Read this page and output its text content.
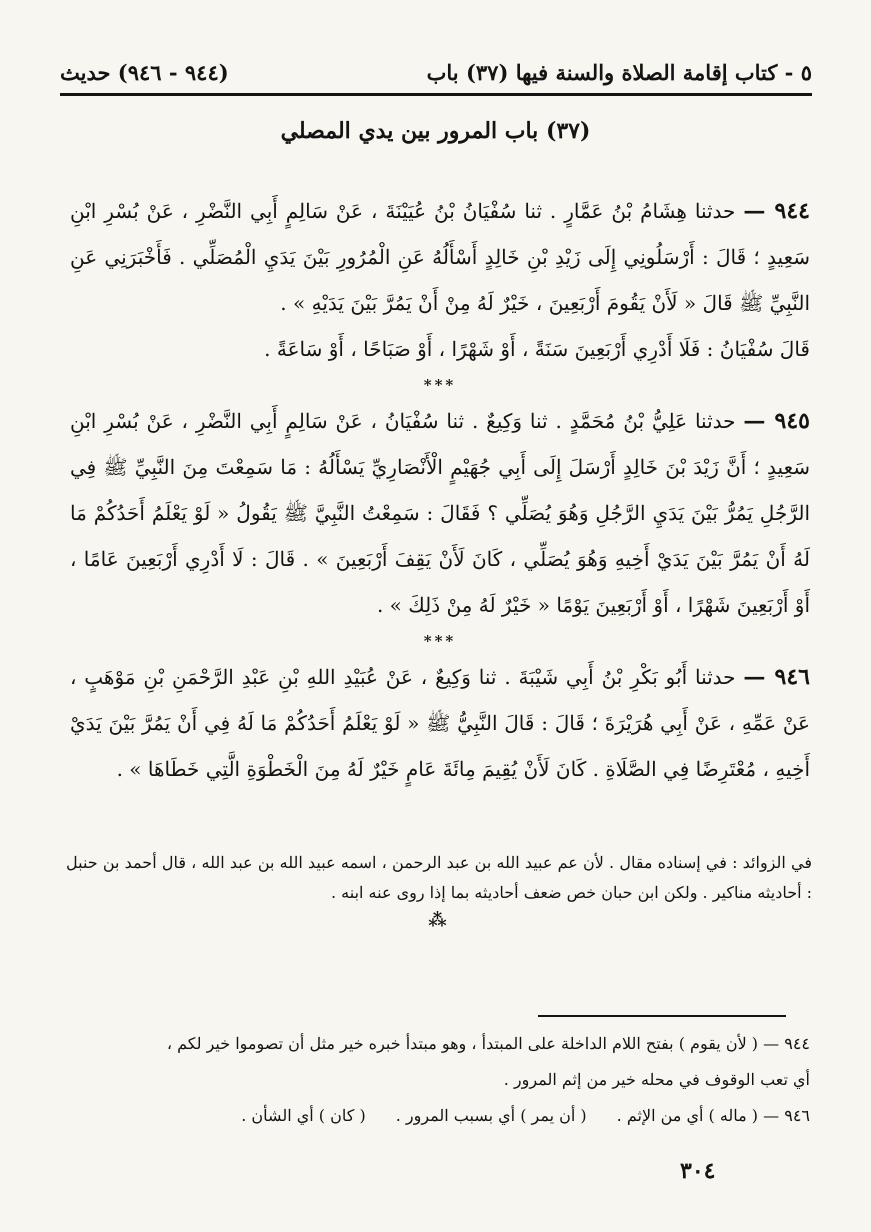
٥ - كتاب إقامة الصلاة والسنة فيها (٣٧) باب
(٩٤٤ - ٩٤٦) حديث
(٣٧) باب المرور بين يدي المصلي

٩٤٤ — حدثنا هِشَامُ بْنُ عَمَّارٍ . ثنا سُفْيَانُ بْنُ عُيَيْنَةَ ، عَنْ سَالِمٍ أَبِي النَّضْرِ ، عَنْ بُسْرِ ابْنِ سَعِيدٍ ؛ قَالَ : أَرْسَلُونِي إِلَى زَيْدِ بْنِ خَالِدٍ أَسْأَلُهُ عَنِ الْمُرُورِ بَيْنَ يَدَيِ الْمُصَلِّي . فَأَخْبَرَنِي عَنِ النَّبِيِّ ﷺ قَالَ « لَأَنْ يَقُومَ أَرْبَعِينَ ، خَيْرٌ لَهُ مِنْ أَنْ يَمُرَّ بَيْنَ يَدَيْهِ » .

قَالَ سُفْيَانُ : فَلَا أَدْرِي أَرْبَعِينَ سَنَةً ، أَوْ شَهْرًا ، أَوْ صَبَاحًا ، أَوْ سَاعَةً .

***

٩٤٥ — حدثنا عَلِيُّ بْنُ مُحَمَّدٍ . ثنا وَكِيعٌ . ثنا سُفْيَانُ ، عَنْ سَالِمٍ أَبِي النَّضْرِ ، عَنْ بُسْرِ ابْنِ سَعِيدٍ ؛ أَنَّ زَيْدَ بْنَ خَالِدٍ أَرْسَلَ إِلَى أَبِي جُهَيْمٍ الْأَنْصَارِيِّ يَسْأَلُهُ : مَا سَمِعْتَ مِنَ النَّبِيِّ ﷺ فِي الرَّجُلِ يَمُرُّ بَيْنَ يَدَيِ الرَّجُلِ وَهُوَ يُصَلِّي ؟ فَقَالَ : سَمِعْتُ النَّبِيَّ ﷺ يَقُولُ « لَوْ يَعْلَمُ أَحَدُكُمْ مَا لَهُ أَنْ يَمُرَّ بَيْنَ يَدَيْ أَخِيهِ وَهُوَ يُصَلِّي ، كَانَ لَأَنْ يَقِفَ أَرْبَعِينَ » . قَالَ : لَا أَدْرِي أَرْبَعِينَ عَامًا ، أَوْ أَرْبَعِينَ شَهْرًا ، أَوْ أَرْبَعِينَ يَوْمًا « خَيْرٌ لَهُ مِنْ ذَلِكَ » .

***

٩٤٦ — حدثنا أَبُو بَكْرِ بْنُ أَبِي شَيْبَةَ . ثنا وَكِيعٌ ، عَنْ عُبَيْدِ اللهِ بْنِ عَبْدِ الرَّحْمَنِ بْنِ مَوْهَبٍ ، عَنْ عَمِّهِ ، عَنْ أَبِي هُرَيْرَةَ ؛ قَالَ : قَالَ النَّبِيُّ ﷺ « لَوْ يَعْلَمُ أَحَدُكُمْ مَا لَهُ فِي أَنْ يَمُرَّ بَيْنَ يَدَيْ أَخِيهِ ، مُعْتَرِضًا فِي الصَّلَاةِ . كَانَ لَأَنْ يُقِيمَ مِائَةَ عَامٍ خَيْرٌ لَهُ مِنَ الْخَطْوَةِ الَّتِي خَطَاهَا » .

في الزوائد : في إسناده مقال . لأن عم عبيد الله بن عبد الرحمن ، اسمه عبيد الله بن عبد الله ، قال أحمد بن حنبل : أحاديثه مناكير . ولكن ابن حبان خص ضعف أحاديثه بما إذا روى عنه ابنه .

⁂

٩٤٤ — ( لأن يقوم ) بفتح اللام الداخلة على المبتدأ ، وهو مبتدأ خبره خير مثل أن تصوموا خير لكم ،

أي تعب الوقوف في محله خير من إثم المرور .

٩٤٦ — ( ماله ) أي من الإثم .
( أن يمر ) أي بسبب المرور .
( كان ) أي الشأن .

٣٠٤
